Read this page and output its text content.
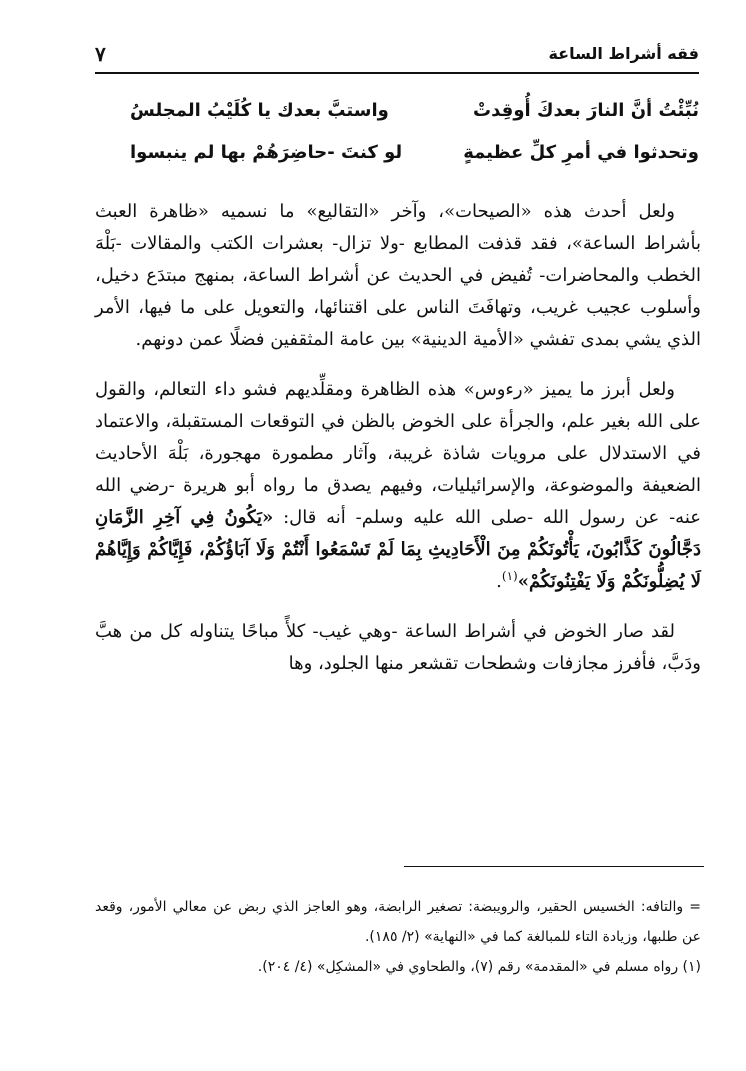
فقه أشراط الساعة
٧
نُبِّئْتُ أنَّ النارَ بعدكَ أُوقِدتْ
واستبَّ بعدك يا كُلَيْبُ المجلسُ
وتحدثوا في أمرِ كلِّ عظيمةٍ
لو كنتَ -حاضِرَهُمْ بها لم ينبسوا

ولعل أحدث هذه «الصيحات»، وآخر «التقاليع» ما نسميه «ظاهرة العبث بأشراط الساعة»، فقد قذفت المطابع -ولا تزال- بعشرات الكتب والمقالات -بَلْهَ الخطب والمحاضرات- تُفيض في الحديث عن أشراط الساعة، بمنهج مبتدَع دخيل، وأسلوب عجيب غريب، وتهافَتَ الناس على اقتنائها، والتعويل على ما فيها، الأمر الذي يشي بمدى تفشي «الأمية الدينية» بين عامة المثقفين فضلًا عمن دونهم.

ولعل أبرز ما يميز «رءوس» هذه الظاهرة ومقلِّديهم فشو داء التعالم، والقول على الله بغير علم، والجرأة على الخوض بالظن في التوقعات المستقبلة، والاعتماد في الاستدلال على مرويات شاذة غريبة، وآثار مطمورة مهجورة، بَلْهَ الأحاديث الضعيفة والموضوعة، والإسرائيليات، وفيهم يصدق ما رواه أبو هريرة -رضي الله عنه- عن رسول الله -صلى الله عليه وسلم- أنه قال: «يَكُونُ فِي آخِرِ الزَّمَانِ دَجَّالُونَ كَذَّابُونَ، يَأْتُونَكُمْ مِنَ الْأَحَادِيثِ بِمَا لَمْ تَسْمَعُوا أَنْتُمْ وَلَا آبَاؤُكُمْ، فَإِيَّاكُمْ وَإِيَّاهُمْ لَا يُضِلُّونَكُمْ وَلَا يَفْتِنُونَكُمْ»$^{(١)}$.

لقد صار الخوض في أشراط الساعة -وهي غيب- كلأً مباحًا يتناوله كل من هبَّ ودَبَّ، فأفرز مجازفات وشطحات تقشعر منها الجلود، وها

= والتافه: الخسيس الحقير، والرويبضة: تصغير الرابضة، وهو العاجز الذي ربض عن معالي الأمور، وقعد عن طلبها، وزيادة التاء للمبالغة كما في «النهاية» (٢/ ١٨٥).

(١) رواه مسلم في «المقدمة» رقم (٧)، والطحاوي في «المشكِل» (٤/ ٢٠٤).
